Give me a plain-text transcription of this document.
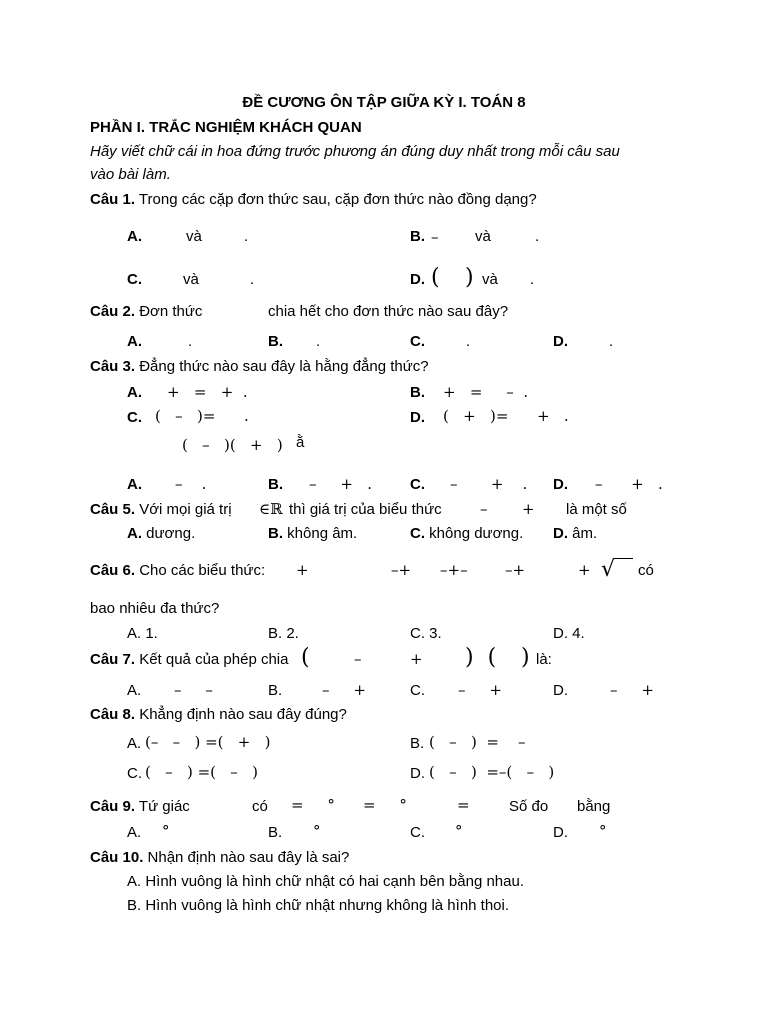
ĐỀ CƯƠNG ÔN TẬP GIỮA KỲ I. TOÁN 8
PHẦN I. TRẮC NGHIỆM KHÁCH QUAN
Hãy viết chữ cái in hoa đứng trước phương án đúng duy nhất trong mỗi câu sau
vào bài làm.
Câu 1. Trong các cặp đơn thức sau, cặp đơn thức nào đồng dạng?
A.	và	.	B. – và	.
C.	và	.	D. ( ) và .
Câu 2. Đơn thức	chia hết cho đơn thức nào sau đây?
A.	.	B. .	C.	.	D.	.
Câu 3. Đẳng thức nào sau đây là hằng đẳng thức?
A. +   =   +  .	B. +   =     –  .
C. (   –   )=      .	D. (   +   )=      +   .
(   –   )(   +   ) ằ
A. –    .	B. –     +   .	C. –       +    . D. –      +   .
Câu 5. Với mọi giá trị ∈ℝ thì giá trị của biểu thức	– + là một số
A. dương.	B. không âm.	C. không dương. D. âm.
Câu 6. Cho các biểu thức: +	–+ –+– –+	+ √ có
bao nhiêu đa thức?
A. 1.	B. 2.	C. 3.	D. 4.
Câu 7. Kết quả của phép chia (	–	+ )  ( ) là:
A. –     –	B.	–     +	C. –     +	D.	–     +
Câu 8. Khẳng định nào sau đây đúng?
A. (–   –   ) =(   +   )	B. (   –   )  =    –
C. (   –   ) =(   –   )	D. (   –   )  =–(   –   )
Câu 9. Tứ giác	có =     ° =     °	=	Số đo bằng
A. °	B. °	C. °	D. °
Câu 10. Nhận định nào sau đây là sai?
A. Hình vuông là hình chữ nhật có hai cạnh bên bằng nhau.
B. Hình vuông là hình chữ nhật nhưng không là hình thoi.
